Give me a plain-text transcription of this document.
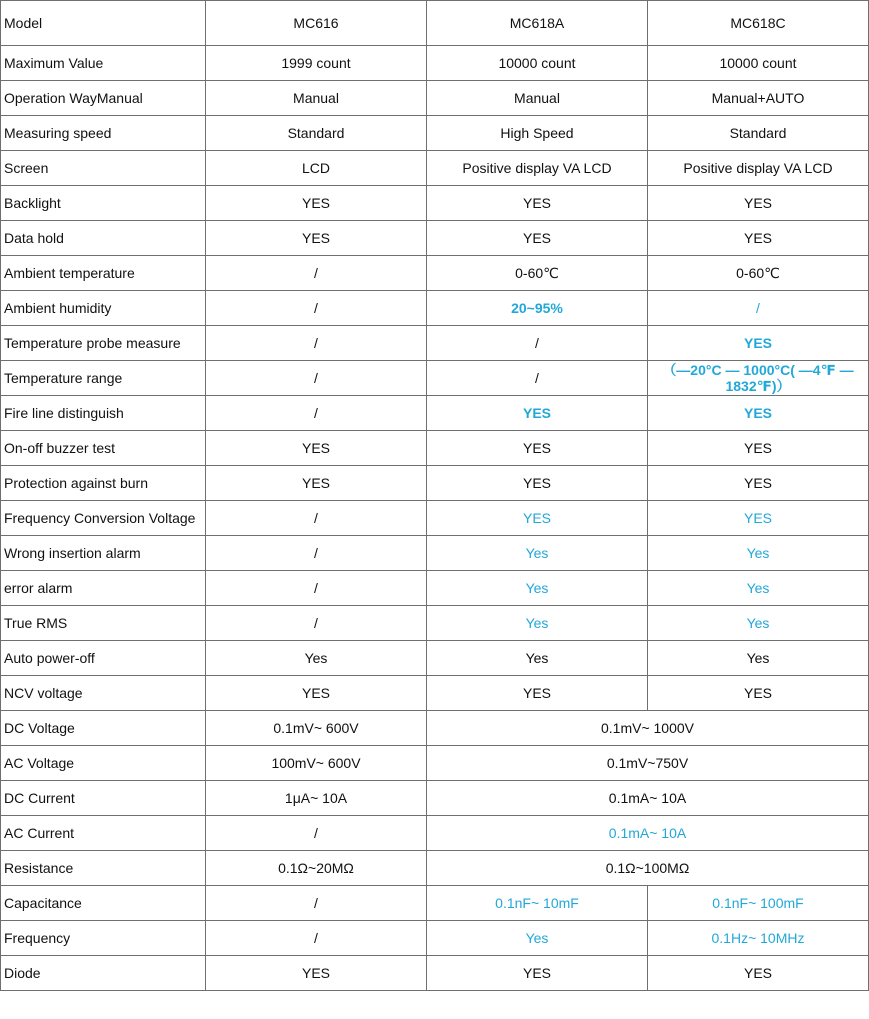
Model	MC616	MC618A	MC618C
Maximum Value	1999 count	10000 count	10000 count
Operation WayManual	Manual	Manual	Manual+AUTO
Measuring speed	Standard	High Speed	Standard
Screen	LCD	Positive display VA LCD	Positive display VA LCD
Backlight	YES	YES	YES
Data hold	YES	YES	YES
Ambient temperature	/	0-60℃	0-60℃
Ambient humidity	/	20~95%	/
Temperature probe measure	/	/	YES
Temperature range	/	/	（—20°C — 1000°C( —4℉ —1832℉)）
Fire line distinguish	/	YES	YES
On-off buzzer test	YES	YES	YES
Protection against burn	YES	YES	YES
Frequency Conversion Voltage	/	YES	YES
Wrong insertion alarm	/	Yes	Yes
error alarm	/	Yes	Yes
True RMS	/	Yes	Yes
Auto power-off	Yes	Yes	Yes
NCV voltage	YES	YES	YES
DC Voltage	0.1mV~ 600V	0.1mV~ 1000V	
AC Voltage	100mV~ 600V	0.1mV~750V	
DC Current	1μA~ 10A	0.1mA~ 10A	
AC Current	/	0.1mA~ 10A	
Resistance	0.1Ω~20MΩ	0.1Ω~100MΩ	
Capacitance	/	0.1nF~ 10mF	0.1nF~ 100mF
Frequency	/	Yes	0.1Hz~ 10MHz
Diode	YES	YES	YES
